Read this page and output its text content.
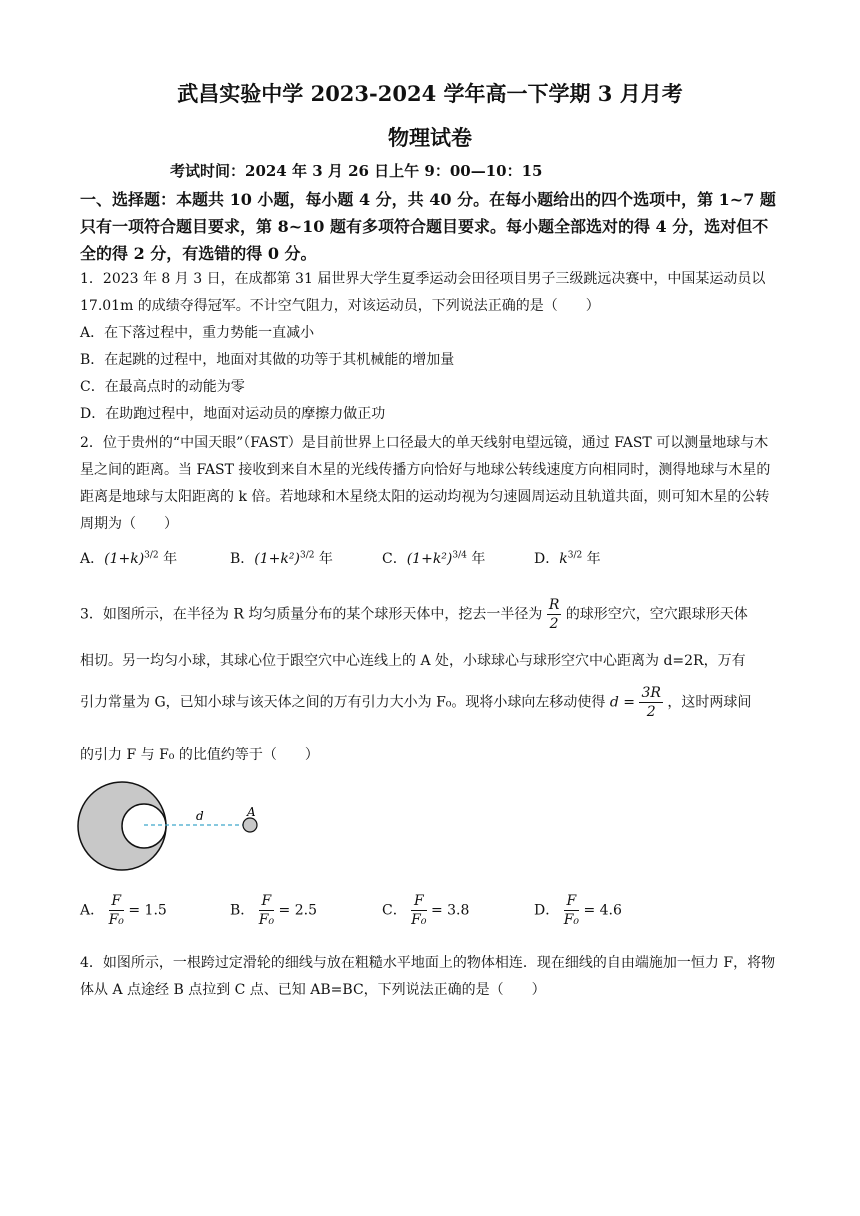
武昌实验中学 2023-2024 学年高一下学期 3 月月考
物理试卷
考试时间：2024 年 3 月 26 日上午 9：00—10：15
一、选择题：本题共 10 小题，每小题 4 分，共 40 分。在每小题给出的四个选项中，第 1~7 题只有一项符合题目要求，第 8~10 题有多项符合题目要求。每小题全部选对的得 4 分，选对但不全的得 2 分，有选错的得 0 分。
1．2023 年 8 月 3 日，在成都第 31 届世界大学生夏季运动会田径项目男子三级跳远决赛中，中国某运动员以 17.01m 的成绩夺得冠军。不计空气阻力，对该运动员，下列说法正确的是（　　）
A．在下落过程中，重力势能一直减小
B．在起跳的过程中，地面对其做的功等于其机械能的增加量
C．在最高点时的动能为零
D．在助跑过程中，地面对运动员的摩擦力做正功
2．位于贵州的“中国天眼”（FAST）是目前世界上口径最大的单天线射电望远镜，通过 FAST 可以测量地球与木星之间的距离。当 FAST 接收到来自木星的光线传播方向恰好与地球公转线速度方向相同时，测得地球与木星的距离是地球与太阳距离的 k 倍。若地球和木星绕太阳的运动均视为匀速圆周运动且轨道共面，则可知木星的公转周期为（　　）
A．$(1+k)^{3/2}$ 年	B．$(1+k^2)^{3/2}$ 年	C．$(1+k^2)^{3/4}$ 年	D．$k^{3/2}$ 年
3．如图所示，在半径为 R 均匀质量分布的某个球形天体中，挖去一半径为 $\frac{R}{2}$ 的球形空穴，空穴跟球形天体
相切。另一均匀小球，其球心位于跟空穴中心连线上的 A 处，小球球心与球形空穴中心距离为 d=2R，万有
引力常量为 G，已知小球与该天体之间的万有引力大小为 F₀。现将小球向左移动使得 $d = \frac{3R}{2}$ ，这时两球间
的引力 F 与 F₀ 的比值约等于（　　）
d	A
A． $\frac{F}{\text{F₀}} = 1.5$	B． $\frac{F}{\text{F₀}} = 2.5$	C． $\frac{F}{\text{F₀}} = 3.8$	D． $\frac{F}{\text{F₀}} = 4.6$
4．如图所示，一根跨过定滑轮的细线与放在粗糙水平地面上的物体相连．现在细线的自由端施加一恒力 F，将物体从 A 点途经 B 点拉到 C 点、已知 AB=BC，下列说法正确的是（　　）
